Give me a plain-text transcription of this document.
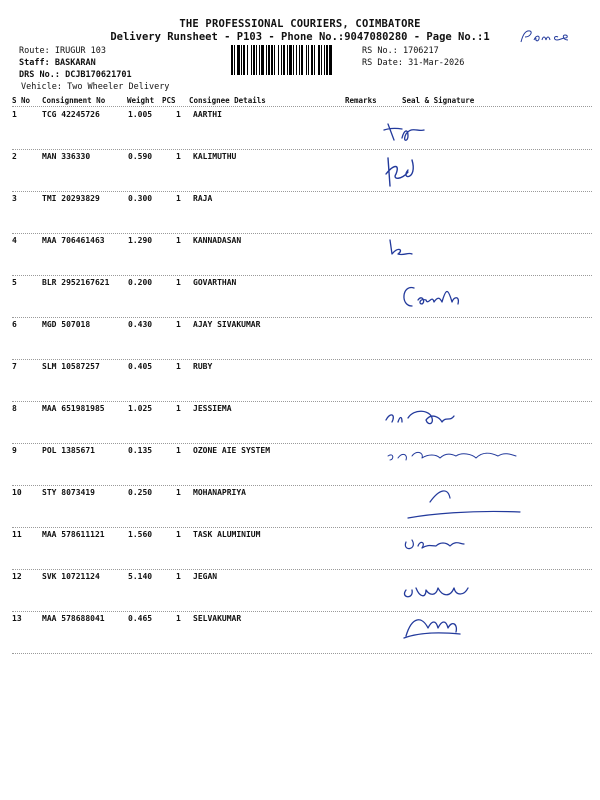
THE PROFESSIONAL COURIERS, COIMBATORE
Delivery Runsheet - P103 - Phone No.:9047080280 - Page No.:1
Route: IRUGUR 103
Staff: BASKARAN
DRS No.: DCJB170621701
Vehicle: Two Wheeler Delivery
RS No.: 1706217
RS Date: 31-Mar-2026
S No Consignment No	Weight PCS Consignee Details	Remarks	Seal & Signature
1	TCG 42245726	1.005	1 AARTHI
2	MAN 336330	0.590	1 KALIMUTHU
3	TMI 20293829	0.300	1 RAJA
4	MAA 706461463	1.290	1 KANNADASAN
5	BLR 2952167621 0.200	1 GOVARTHAN
6	MGD 507018	0.430	1 AJAY SIVAKUMAR
7	SLM 10587257	0.405	1 RUBY
8	MAA 651981985	1.025	1 JESSIEMA
9	POL 1385671	0.135	1 OZONE AIE SYSTEM
10	STY 8073419	0.250	1 MOHANAPRIYA
11	MAA 578611121	1.560	1 TASK ALUMINIUM
12	SVK 10721124	5.140	1 JEGAN
13	MAA 578688041	0.465	1 SELVAKUMAR
8220048428
9778868679
m.Raja 9042561770
9842601199
31/3/26
K Ray 8608142435
Ruby 9342589963
9840615544
8122778191
9 3 4 5 5 / 0
9095365005 31/3/26
31/03/26
31/03/26 9906089946
